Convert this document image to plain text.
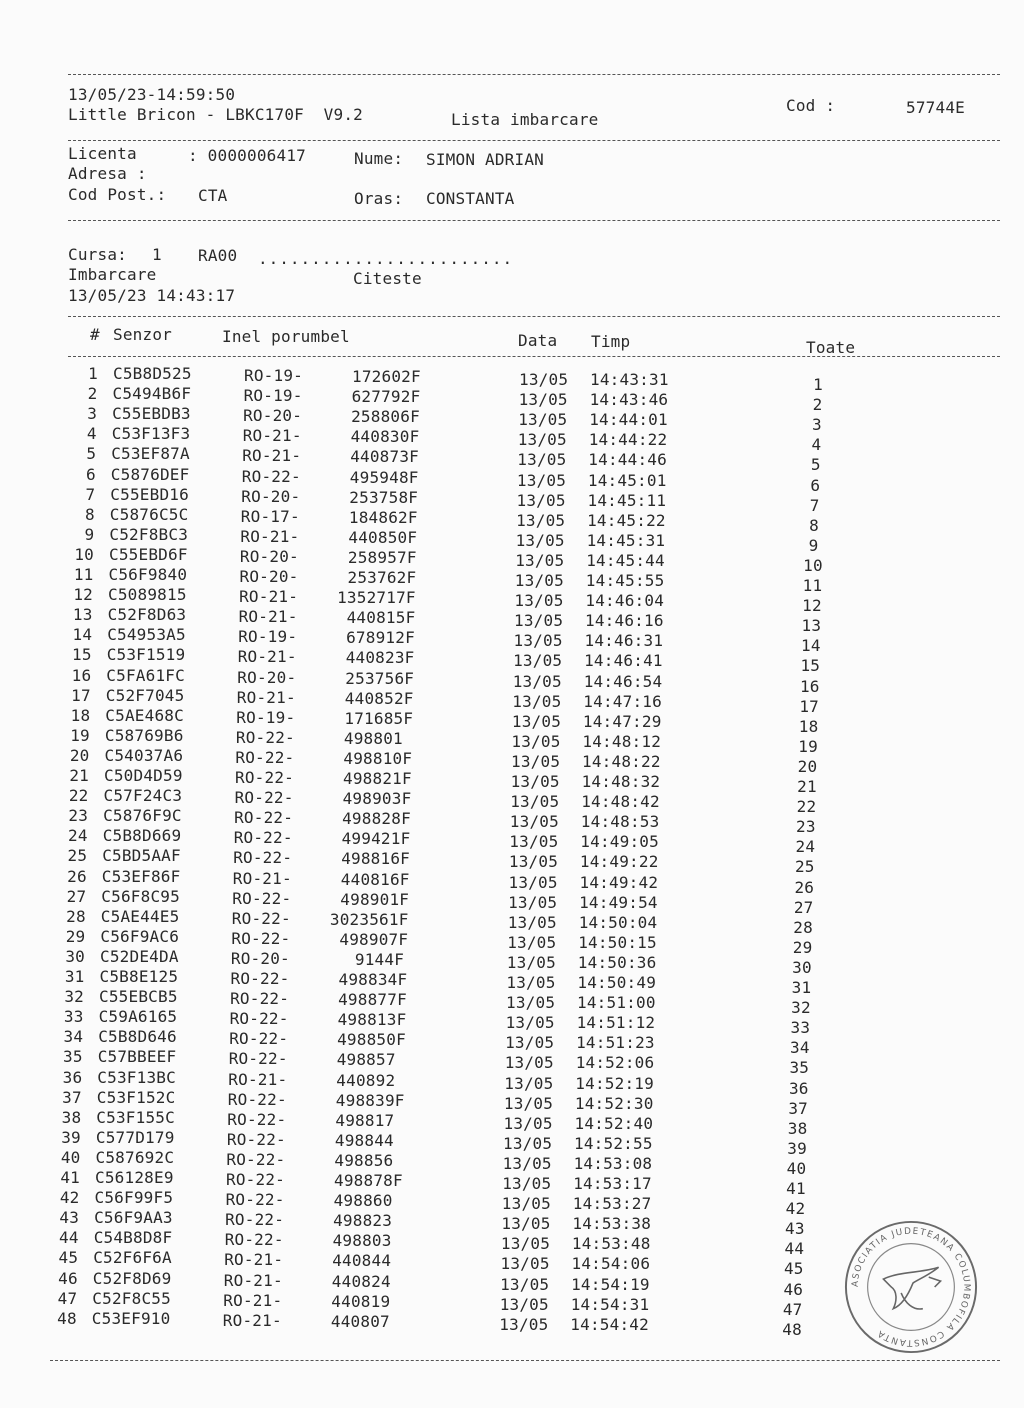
13/05/23-14:59:50
Little Bricon - LBKC170F  V9.2	Lista imbarcare
Cod :	57744E
Licenta	: 0000006417	Nume: SIMON ADRIAN
Adresa :
Cod Post.: CTA	Oras: CONSTANTA
Cursa: 1 RA00 ........................
Imbarcare	Citeste
13/05/23 14:43:17
# Senzor	Inel porumbel	Data Timp	Toate
1 C5B8D525	RO-19-	172602F	13/05 14:43:31	1
2 C5494B6F	RO-19-	627792F	13/05 14:43:46	2
3 C55EBDB3	RO-20-	258806F	13/05 14:44:01	3
4 C53F13F3	RO-21-	440830F	13/05 14:44:22	4
5 C53EF87A	RO-21-	440873F	13/05 14:44:46	5
6 C5876DEF	RO-22-	495948F	13/05 14:45:01	6
7 C55EBD16	RO-20-	253758F	13/05 14:45:11	7
8 C5876C5C	RO-17-	184862F	13/05 14:45:22	8
9 C52F8BC3	RO-21-	440850F	13/05 14:45:31	9
10 C55EBD6F	RO-20-	258957F	13/05 14:45:44	10
11 C56F9840	RO-20-	253762F	13/05 14:45:55	11
12 C5089815	RO-21- 1352717F	13/05 14:46:04	12
13 C52F8D63	RO-21-	440815F	13/05 14:46:16	13
14 C54953A5	RO-19-	678912F	13/05 14:46:31	14
15 C53F1519	RO-21-	440823F	13/05 14:46:41	15
16 C5FA61FC	RO-20-	253756F	13/05 14:46:54	16
17 C52F7045	RO-21-	440852F	13/05 14:47:16	17
18 C5AE468C	RO-19-	171685F	13/05 14:47:29	18
19 C58769B6	RO-22-	498801	13/05 14:48:12	19
20 C54037A6	RO-22-	498810F	13/05 14:48:22	20
21 C50D4D59	RO-22-	498821F	13/05 14:48:32	21
22 C57F24C3	RO-22-	498903F	13/05 14:48:42	22
23 C5876F9C	RO-22-	498828F	13/05 14:48:53	23
24 C5B8D669	RO-22-	499421F	13/05 14:49:05	24
25 C5BD5AAF	RO-22-	498816F	13/05 14:49:22	25
26 C53EF86F	RO-21-	440816F	13/05 14:49:42	26
27 C56F8C95	RO-22-	498901F	13/05 14:49:54	27
28 C5AE44E5	RO-22- 3023561F	13/05 14:50:04	28
29 C56F9AC6	RO-22-	498907F	13/05 14:50:15	29
30 C52DE4DA	RO-20-	9144F	13/05 14:50:36	30
31 C5B8E125	RO-22-	498834F	13/05 14:50:49	31
32 C55EBCB5	RO-22-	498877F	13/05 14:51:00	32
33 C59A6165	RO-22-	498813F	13/05 14:51:12	33
34 C5B8D646	RO-22-	498850F	13/05 14:51:23	34
35 C57BBEEF	RO-22-	498857	13/05 14:52:06	35
36 C53F13BC	RO-21-	440892	13/05 14:52:19	36
37 C53F152C	RO-22-	498839F	13/05 14:52:30	37
38 C53F155C	RO-22-	498817	13/05 14:52:40	38
39 C577D179	RO-22-	498844	13/05 14:52:55	39
40 C587692C	RO-22-	498856	13/05 14:53:08	40
41 C56128E9	RO-22-	498878F	13/05 14:53:17	41
42 C56F99F5	RO-22-	498860	13/05 14:53:27	42
43 C56F9AA3	RO-22-	498823	13/05 14:53:38	43
44 C54B8D8F	RO-22-	498803	13/05 14:53:48	44
45 C52F6F6A	RO-21-	440844	13/05 14:54:06	45
46 C52F8D69	RO-21-	440824	13/05 14:54:19	46
47 C52F8C55	RO-21-	440819	13/05 14:54:31	47
48 C53EF910	RO-21-	440807	13/05 14:54:42	48
ASOCIATIA JUDETEANA COLUMBOFILA CONSTANTA
